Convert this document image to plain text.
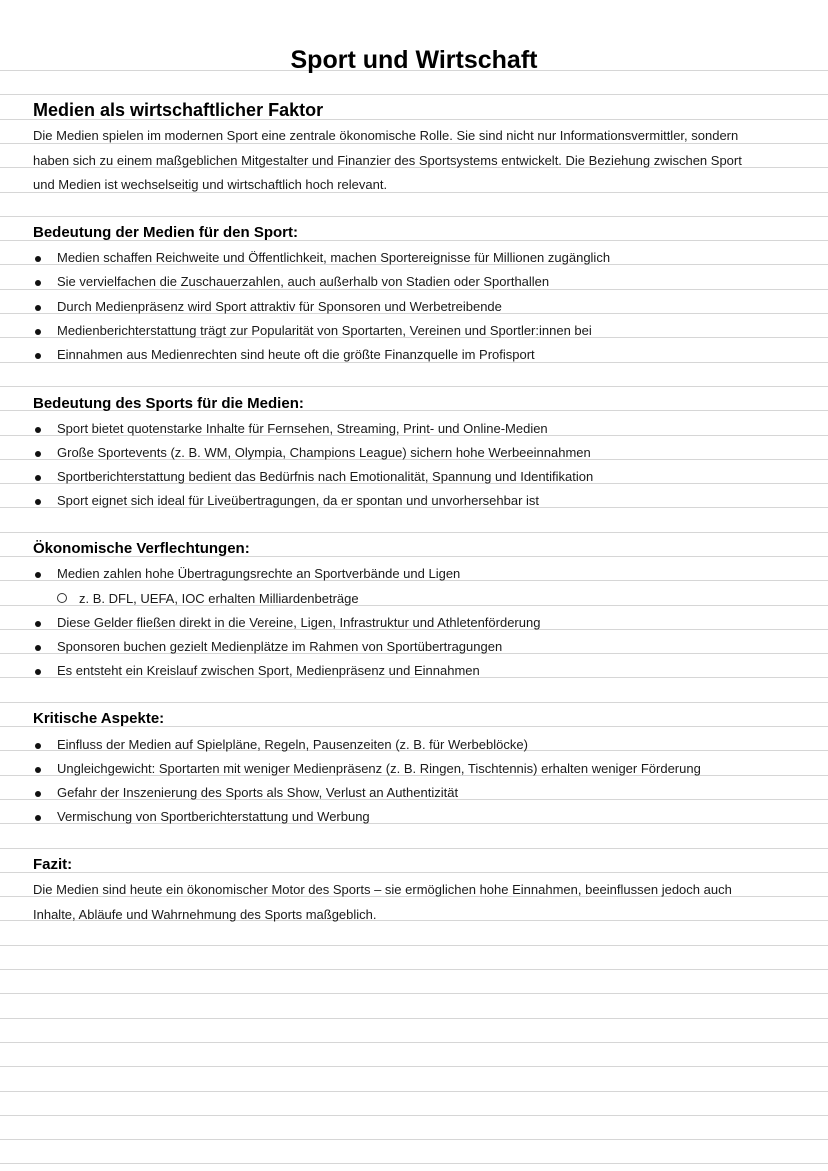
Sport und Wirtschaft
Medien als wirtschaftlicher Faktor
Die Medien spielen im modernen Sport eine zentrale ökonomische Rolle. Sie sind nicht nur Informationsvermittler, sondern
haben sich zu einem maßgeblichen Mitgestalter und Finanzier des Sportsystems entwickelt. Die Beziehung zwischen Sport
und Medien ist wechselseitig und wirtschaftlich hoch relevant.
Bedeutung der Medien für den Sport:
Medien schaffen Reichweite und Öffentlichkeit, machen Sportereignisse für Millionen zugänglich
Sie vervielfachen die Zuschauerzahlen, auch außerhalb von Stadien oder Sporthallen
Durch Medienpräsenz wird Sport attraktiv für Sponsoren und Werbetreibende
Medienberichterstattung trägt zur Popularität von Sportarten, Vereinen und Sportler:innen bei
Einnahmen aus Medienrechten sind heute oft die größte Finanzquelle im Profisport
Bedeutung des Sports für die Medien:
Sport bietet quotenstarke Inhalte für Fernsehen, Streaming, Print- und Online-Medien
Große Sportevents (z. B. WM, Olympia, Champions League) sichern hohe Werbeeinnahmen
Sportberichterstattung bedient das Bedürfnis nach Emotionalität, Spannung und Identifikation
Sport eignet sich ideal für Liveübertragungen, da er spontan und unvorhersehbar ist
Ökonomische Verflechtungen:
Medien zahlen hohe Übertragungsrechte an Sportverbände und Ligen
z. B. DFL, UEFA, IOC erhalten Milliardenbeträge
Diese Gelder fließen direkt in die Vereine, Ligen, Infrastruktur und Athletenförderung
Sponsoren buchen gezielt Medienplätze im Rahmen von Sportübertragungen
Es entsteht ein Kreislauf zwischen Sport, Medienpräsenz und Einnahmen
Kritische Aspekte:
Einfluss der Medien auf Spielpläne, Regeln, Pausenzeiten (z. B. für Werbeblöcke)
Ungleichgewicht: Sportarten mit weniger Medienpräsenz (z. B. Ringen, Tischtennis) erhalten weniger Förderung
Gefahr der Inszenierung des Sports als Show, Verlust an Authentizität
Vermischung von Sportberichterstattung und Werbung
Fazit:
Die Medien sind heute ein ökonomischer Motor des Sports – sie ermöglichen hohe Einnahmen, beeinflussen jedoch auch
Inhalte, Abläufe und Wahrnehmung des Sports maßgeblich.
